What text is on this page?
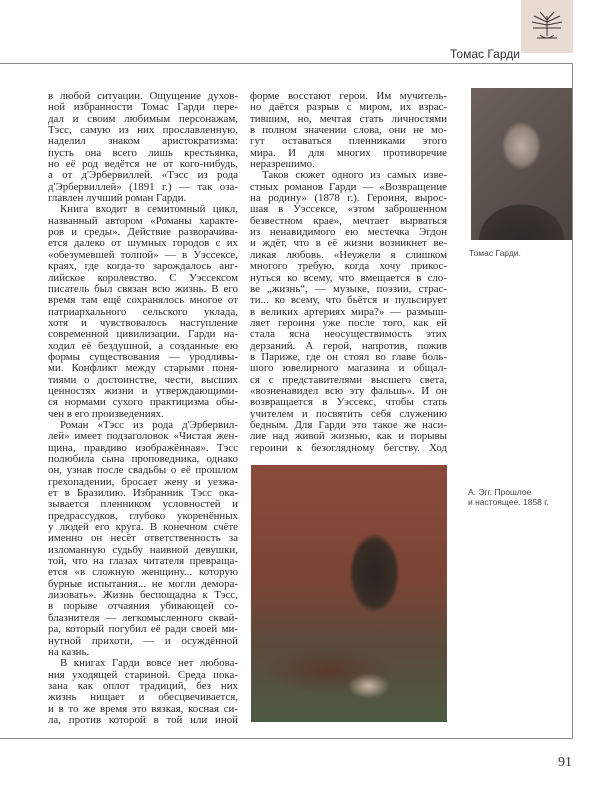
Томас Гарди
в любой ситуации. Ощущение духов-
ной избранности Томас Гарди пере-
дал и своим любимым персонажам,
Тэсс, самую из них прославленную,
наделил знаком аристократизма:
пусть она всего лишь крестьянка,
но её род ведётся не от кого-нибудь,
а от д'Эрбервиллей. «Тэсс из рода
д'Эрбервиллей» (1891 г.) — так оза-
главлен лучший роман Гарди.
Книга входит в семитомный цикл,
названный автором «Романы характе-
ров и среды». Действие разворачива-
ется далеко от шумных городов с их
«обезумевшей толпой» — в Уэссексе,
краях, где когда-то зарождалось анг-
лийское королевство. С Уэссексом
писатель был связан всю жизнь. В его
время там ещё сохранялось многое от
патриархального сельского уклада,
хотя и чувствовалось наступление
современной цивилизации. Гарди на-
ходил её бездушной, а созданные ею
формы существования — уродливы-
ми. Конфликт между старыми поня-
тиями о достоинстве, чести, высших
ценностях жизни и утверждающими-
ся нормами сухого практицизма обы-
чен в его произведениях.
Роман «Тэсс из рода д'Эрбервил-
лей» имеет подзаголовок «Чистая жен-
щина, правдиво изображённая». Тэсс
полюбила сына проповедника, однако
он, узнав после свадьбы о её прошлом
грехопадении, бросает жену и уезжа-
ет в Бразилию. Избранник Тэсс ока-
зывается пленником условностей и
предрассудков, глубоко укоренённых
у людей его круга. В конечном счёте
именно он несёт ответственность за
изломанную судьбу наивной девушки,
той, что на глазах читателя превраща-
ется «в сложную женщину... которую
бурные испытания... не могли демора-
лизовать». Жизнь беспощадна к Тэсс,
в порыве отчаяния убивающей со-
блазнителя — легкомысленного сквай-
ра, который погубил её ради своей ми-
нутной прихоти, — и осуждённой
на казнь.
В книгах Гарди вовсе нет любова-
ния уходящей стариной. Среда пока-
зана как оплот традиций, без них
жизнь нищает и обесцвечивается,
и в то же время это вязкая, косная си-
ла, против которой в той или иной
форме восстают герои. Им мучитель-
но даётся разрыв с миром, их взрас-
тившим, но, мечтая стать личностями
в полном значении слова, они не мо-
гут оставаться пленниками этого
мира. И для многих противоречие
неразрешимо.
Таков сюжет одного из самых изве-
стных романов Гарди — «Возвращение
на родину» (1878 г.). Героиня, вырос-
шая в Уэссексе, «этом заброшенном
безвестном крае», мечтает вырваться
из ненавидимого ею местечка Эгдон
и ждёт, что в её жизни возникнет ве-
ликая любовь. «Неужели я слишком
многого требую, когда хочу прикос-
нуться ко всему, что вмещается в сло-
ве „жизнь“, — музыке, поэзии, страс-
ти... ко всему, что бьётся и пульсирует
в великих артериях мира?» — размыш-
ляет героиня уже после того, как ей
стала ясна неосуществимость этих
дерзаний. А герой, напротив, пожив
в Париже, где он стоял во главе боль-
шого ювелирного магазина и общал-
ся с представителями высшего света,
«возненавидел всю эту фальшь». И он
возвращается в Уэссекс, чтобы стать
учителем и посвятить себя служению
бедным. Для Гарди это такое же наси-
лие над живой жизнью, как и порывы
героини к безоглядному бегству. Ход
Томас Гарди.
А. Эгг. Прошлое
и настоящее. 1858 г.
91
